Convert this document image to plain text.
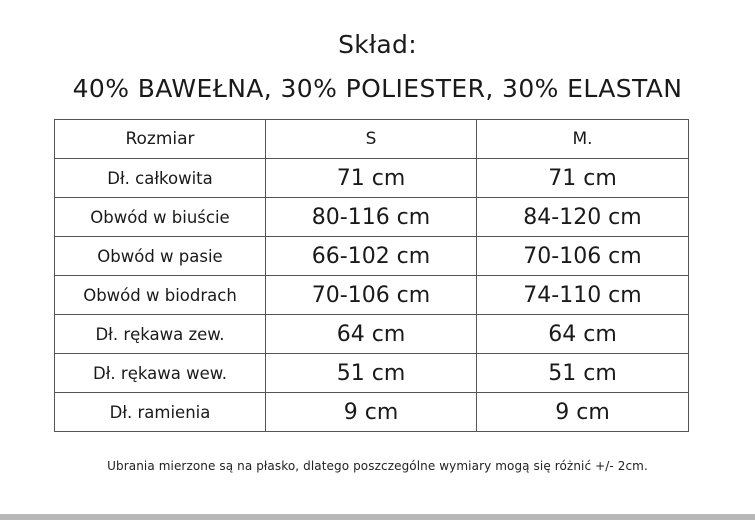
Skład:
40% BAWEŁNA, 30% POLIESTER, 30% ELASTAN
Rozmiar	S	M.
Dł. całkowita	71 cm	71 cm
Obwód w biuście	80-116 cm	84-120 cm
Obwód w pasie	66-102 cm	70-106 cm
Obwód w biodrach	70-106 cm	74-110 cm
Dł. rękawa zew.	64 cm	64 cm
Dł. rękawa wew.	51 cm	51 cm
Dł. ramienia	9 cm	9 cm
Ubrania mierzone są na płasko, dlatego poszczególne wymiary mogą się różnić +/- 2cm.
